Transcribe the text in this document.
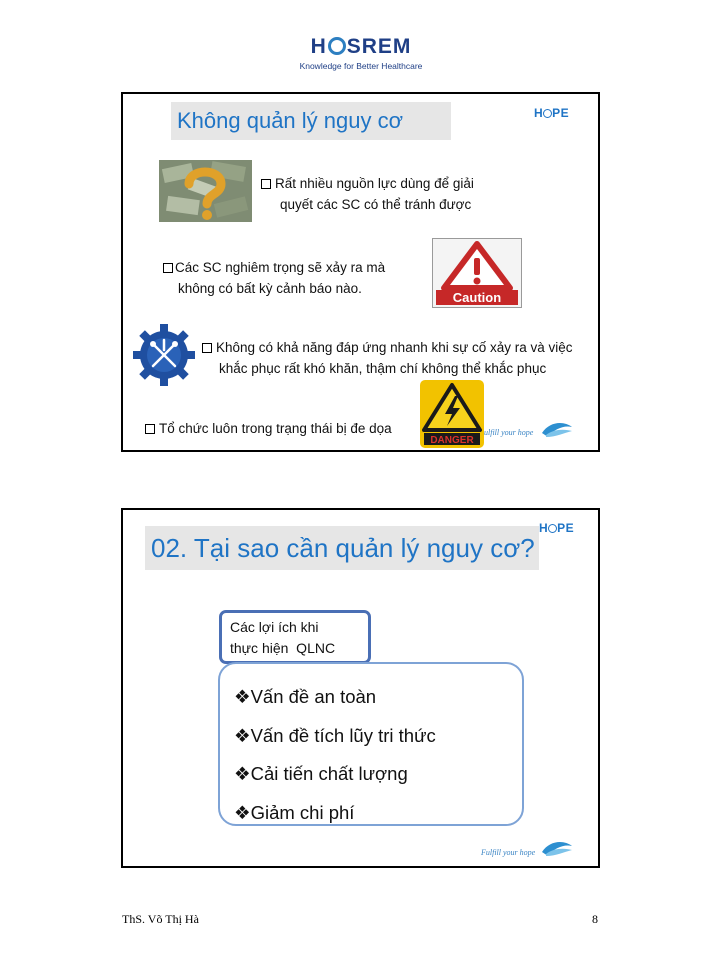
H SREM
Knowledge for Better Healthcare
Không quản lý nguy cơ	H PE

Rất nhiều nguồn lực dùng để giải
quyết các SC có thể tránh được
Các SC nghiêm trọng sẽ xảy ra mà
không có bất kỳ cảnh báo nào.
Caution
Không có khả năng đáp ứng nhanh khi sự cố xảy ra và việc
khắc phục rất khó khăn, thậm chí không thể khắc phục
Tổ chức luôn trong trạng thái bị đe dọa
DANGER
ulfill your hope
02. Tại sao cần quản lý nguy cơ?
H PE

Các lợi ích khi
thực hiện  QLNC
❖Vấn đề an toàn
❖Vấn đề tích lũy tri thức
❖Cải tiến chất lượng
❖Giảm chi phí
Fulfill your hope
ThS. Võ Thị Hà	8
